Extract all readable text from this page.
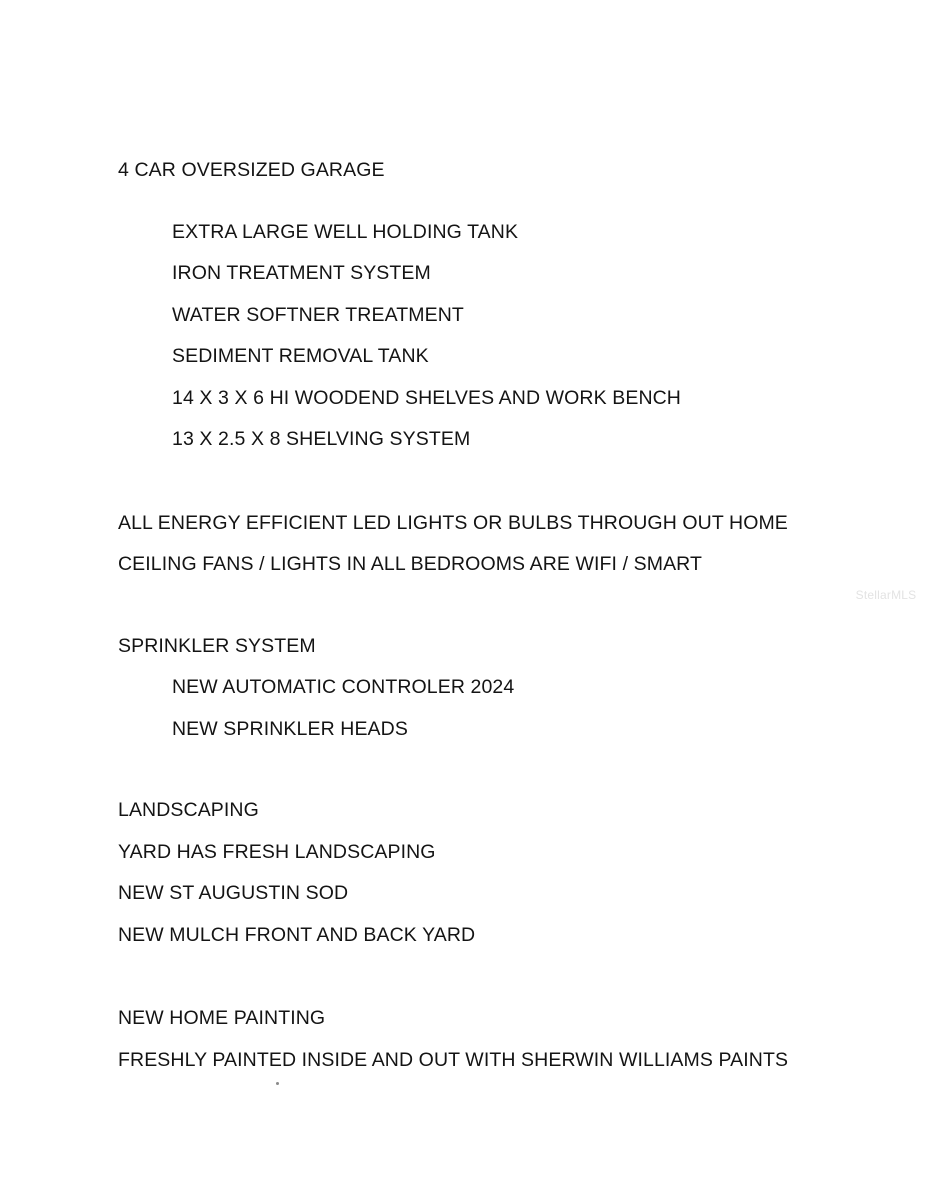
4 CAR OVERSIZED GARAGE
EXTRA LARGE WELL HOLDING TANK
IRON TREATMENT SYSTEM
WATER SOFTNER TREATMENT
SEDIMENT REMOVAL TANK
14 X 3 X 6 HI WOODEND SHELVES AND WORK BENCH
13 X 2.5 X 8 SHELVING SYSTEM
ALL ENERGY EFFICIENT LED LIGHTS OR BULBS THROUGH OUT HOME
CEILING FANS / LIGHTS IN ALL BEDROOMS ARE WIFI / SMART
SPRINKLER SYSTEM
NEW AUTOMATIC CONTROLER 2024
NEW SPRINKLER HEADS
LANDSCAPING
YARD HAS FRESH LANDSCAPING
NEW ST AUGUSTIN SOD
NEW MULCH FRONT AND BACK YARD
NEW HOME PAINTING
FRESHLY PAINTED INSIDE AND OUT WITH SHERWIN WILLIAMS PAINTS
StellarMLS
